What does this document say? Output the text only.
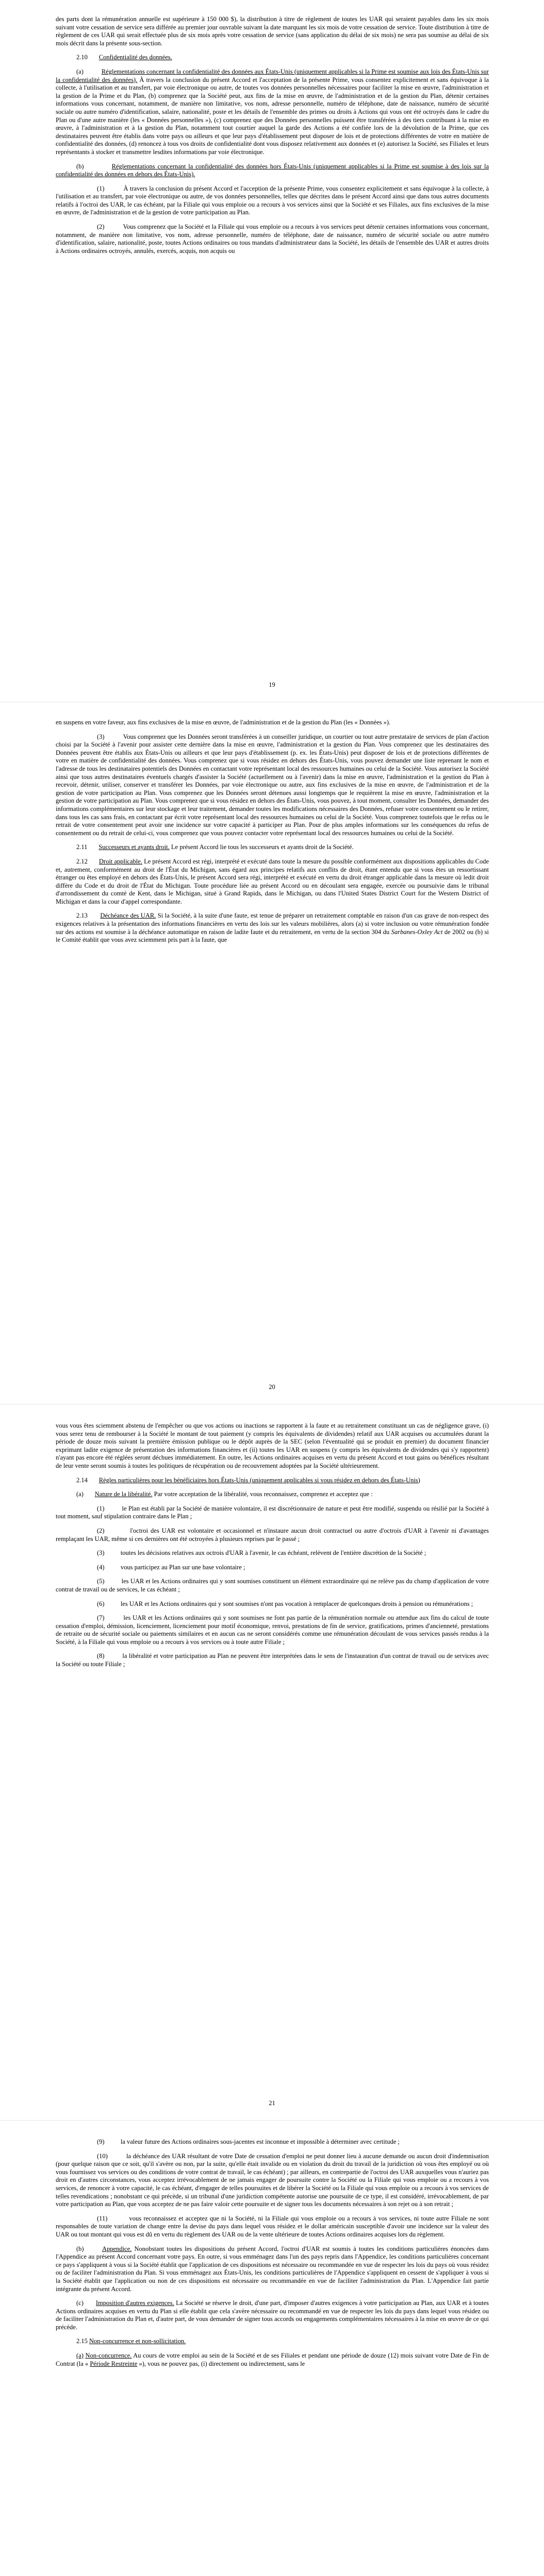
des parts dont la rémunération annuelle est supérieure à 150 000 $), la distribution à titre de règlement de toutes les UAR qui seraient payables dans les six mois suivant votre cessation de service sera différée au premier jour ouvrable suivant la date marquant les six mois de votre cessation de service. Toute distribution à titre de règlement de ces UAR qui serait effectuée plus de six mois après votre cessation de service (sans application du délai de six mois) ne sera pas soumise au délai de six mois décrit dans la présente sous-section.

2.10 Confidentialité des données.

(a)	Réglementations concernant la confidentialité des données aux États-Unis (uniquement applicables si la Prime est soumise aux lois des États-Unis sur la confidentialité des données). À travers la conclusion du présent Accord et l'acceptation de la présente Prime, vous consentez explicitement et sans équivoque à la collecte, à l'utilisation et au transfert, par voie électronique ou autre, de toutes vos données personnelles nécessaires pour faciliter la mise en œuvre, l'administration et la gestion de la Prime et du Plan, (b) comprenez que la Société peut, aux fins de la mise en œuvre, de l'administration et de la gestion du Plan, détenir certaines informations vous concernant, notamment, de manière non limitative, vos nom, adresse personnelle, numéro de téléphone, date de naissance, numéro de sécurité sociale ou autre numéro d'identification, salaire, nationalité, poste et les détails de l'ensemble des primes ou droits à Actions qui vous ont été octroyés dans le cadre du Plan ou d'une autre manière (les « Données personnelles »), (c) comprenez que des Données personnelles puissent être transférées à des tiers contribuant à la mise en œuvre, à l'administration et à la gestion du Plan, notamment tout courtier auquel la garde des Actions a été confiée lors de la dévolution de la Prime, que ces destinataires peuvent être établis dans votre pays ou ailleurs et que leur pays d'établissement peut disposer de lois et de protections différentes de votre en matière de confidentialité des données, (d) renoncez à tous vos droits de confidentialité dont vous disposez relativement aux données et (e) autorisez la Société, ses Filiales et leurs représentants à stocker et transmettre lesdites informations par voie électronique.

(b)	Réglementations concernant la confidentialité des données hors États-Unis (uniquement applicables si la Prime est soumise à des lois sur la confidentialité des données en dehors des États-Unis).

(1)	À travers la conclusion du présent Accord et l'acception de la présente Prime, vous consentez explicitement et sans équivoque à la collecte, à l'utilisation et au transfert, par voie électronique ou autre, de vos données personnelles, telles que décrites dans le présent Accord ainsi que dans tous autres documents relatifs à l'octroi des UAR, le cas échéant, par la Filiale qui vous emploie ou a recours à vos services ainsi que la Société et ses Filiales, aux fins exclusives de la mise en œuvre, de l'administration et de la gestion de votre participation au Plan.

(2)	Vous comprenez que la Société et la Filiale qui vous emploie ou a recours à vos services peut détenir certaines informations vous concernant, notamment, de manière non limitative, vos nom, adresse personnelle, numéro de téléphone, date de naissance, numéro de sécurité sociale ou autre numéro d'identification, salaire, nationalité, poste, toutes Actions ordinaires ou tous mandats d'administrateur dans la Société, les détails de l'ensemble des UAR et autres droits à Actions ordinaires octroyés, annulés, exercés, acquis, non acquis ou

19

en suspens en votre faveur, aux fins exclusives de la mise en œuvre, de l'administration et de la gestion du Plan (les « Données »).

(3)	Vous comprenez que les Données seront transférées à un conseiller juridique, un courtier ou tout autre prestataire de services de plan d'action choisi par la Société à l'avenir pour assister cette dernière dans la mise en œuvre, l'administration et la gestion du Plan. Vous comprenez que les destinataires des Données peuvent être établis aux États-Unis ou ailleurs et que leur pays d'établissement (p. ex. les États-Unis) peut disposer de lois et de protections différentes de votre en matière de confidentialité des données. Vous comprenez que si vous résidez en dehors des États-Unis, vous pouvez demander une liste reprenant le nom et l'adresse de tous les destinataires potentiels des Données en contactant votre représentant local des ressources humaines ou celui de la Société. Vous autorisez la Société ainsi que tous autres destinataires éventuels chargés d'assister la Société (actuellement ou à l'avenir) dans la mise en œuvre, l'administration et la gestion du Plan à recevoir, détenir, utiliser, conserver et transférer les Données, par voie électronique ou autre, aux fins exclusives de la mise en œuvre, de l'administration et de la gestion de votre participation au Plan. Vous comprenez que les Données seront détenues aussi longtemps que le requièrent la mise en œuvre, l'administration et la gestion de votre participation au Plan. Vous comprenez que si vous résidez en dehors des États-Unis, vous pouvez, à tout moment, consulter les Données, demander des informations complémentaires sur leur stockage et leur traitement, demander toutes les modifications nécessaires des Données, refuser votre consentement ou le retirer, dans tous les cas sans frais, en contactant par écrit votre représentant local des ressources humaines ou celui de la Société. Vous comprenez toutefois que le refus ou le retrait de votre consentement peut avoir une incidence sur votre capacité à participer au Plan. Pour de plus amples informations sur les conséquences du refus de consentement ou du retrait de celui-ci, vous comprenez que vous pouvez contacter votre représentant local des ressources humaines ou celui de la Société.

2.11 Successeurs et ayants droit. Le présent Accord lie tous les successeurs et ayants droit de la Société.

2.12 Droit applicable. Le présent Accord est régi, interprété et exécuté dans toute la mesure du possible conformément aux dispositions applicables du Code et, autrement, conformément au droit de l'État du Michigan, sans égard aux principes relatifs aux conflits de droit, étant entendu que si vous êtes un ressortissant étranger ou êtes employé en dehors des États-Unis, le présent Accord sera régi, interprété et exécuté en vertu du droit étranger applicable dans la mesure où ledit droit diffère du Code et du droit de l'État du Michigan. Toute procédure liée au présent Accord ou en découlant sera engagée, exercée ou poursuivie dans le tribunal d'arrondissement du comté de Kent, dans le Michigan, situé à Grand Rapids, dans le Michigan, ou dans l'United States District Court for the Western District of Michigan et dans la cour d'appel correspondante.

2.13 Déchéance des UAR. Si la Société, à la suite d'une faute, est tenue de préparer un retraitement comptable en raison d'un cas grave de non-respect des exigences relatives à la présentation des informations financières en vertu des lois sur les valeurs mobilières, alors (a) si votre inclusion ou votre rémunération fondée sur des actions est soumise à la déchéance automatique en raison de ladite faute et du retraitement, en vertu de la section 304 du Sarbanes-Oxley Act de 2002 ou (b) si le Comité établit que vous avez sciemment pris part à la faute, que

20

vous vous êtes sciemment abstenu de l'empêcher ou que vos actions ou inactions se rapportent à la faute et au retraitement constituant un cas de négligence grave, (i) vous serez tenu de rembourser à la Société le montant de tout paiement (y compris les équivalents de dividendes) relatif aux UAR acquises ou accumulées durant la période de douze mois suivant la première émission publique ou le dépôt auprès de la SEC (selon l'éventualité qui se produit en premier) du document financier exprimant ladite exigence de présentation des informations financières et (ii) toutes les UAR en suspens (y compris les équivalents de dividendes qui s'y rapportent) n'ayant pas encore été réglées seront déchues immédiatement. En outre, les Actions ordinaires acquises en vertu du présent Accord et tout gains ou bénéfices résultant de leur vente seront soumis à toutes les politiques de récupération ou de recouvrement adoptées par la Société ultérieurement.

2.14 Règles particulières pour les bénéficiaires hors États-Unis (uniquement applicables si vous résidez en dehors des États-Unis)

(a) Nature de la libéralité. Par votre acceptation de la libéralité, vous reconnaissez, comprenez et acceptez que :

(1)	le Plan est établi par la Société de manière volontaire, il est discrétionnaire de nature et peut être modifié, suspendu ou résilié par la Société à tout moment, sauf stipulation contraire dans le Plan ;

(2)	l'octroi des UAR est volontaire et occasionnel et n'instaure aucun droit contractuel ou autre d'octrois d'UAR à l'avenir ni d'avantages remplaçant les UAR, même si ces dernières ont été octroyées à plusieurs reprises par le passé ;

(3)	toutes les décisions relatives aux octrois d'UAR à l'avenir, le cas échéant, relèvent de l'entière discrétion de la Société ;

(4)	vous participez au Plan sur une base volontaire ;

(5)	les UAR et les Actions ordinaires qui y sont soumises constituent un élément extraordinaire qui ne relève pas du champ d'application de votre contrat de travail ou de services, le cas échéant ;

(6)	les UAR et les Actions ordinaires qui y sont soumises n'ont pas vocation à remplacer de quelconques droits à pension ou rémunérations ;

(7)	les UAR et les Actions ordinaires qui y sont soumises ne font pas partie de la rémunération normale ou attendue aux fins du calcul de toute cessation d'emploi, démission, licenciement, licenciement pour motif économique, renvoi, prestations de fin de service, gratifications, primes d'ancienneté, prestations de retraite ou de sécurité sociale ou paiements similaires et en aucun cas ne seront considérés comme une rémunération découlant de vous services passés rendus à la Société, à la Filiale qui vous emploie ou a recours à vos services ou à toute autre Filiale ;

(8)	la libéralité et votre participation au Plan ne peuvent être interprétées dans le sens de l'instauration d'un contrat de travail ou de services avec la Société ou toute Filiale ;

21

(9)	la valeur future des Actions ordinaires sous-jacentes est inconnue et impossible à déterminer avec certitude ;

(10)	la déchéance des UAR résultant de votre Date de cessation d'emploi ne peut donner lieu à aucune demande ou aucun droit d'indemnisation (pour quelque raison que ce soit, qu'il s'avère ou non, par la suite, qu'elle était invalide ou en violation du droit du travail de la juridiction où vous êtes employé ou où vous fournissez vos services ou des conditions de votre contrat de travail, le cas échéant) ; par ailleurs, en contrepartie de l'octroi des UAR auxquelles vous n'auriez pas droit en d'autres circonstances, vous acceptez irrévocablement de ne jamais engager de poursuite contre la Société ou la Filiale qui vous emploie ou a recours à vos services, de renoncer à votre capacité, le cas échéant, d'engager de telles poursuites et de libérer la Société ou la Filiale qui vous emploie ou a recours à vos services de telles revendications ; nonobstant ce qui précède, si un tribunal d'une juridiction compétente autorise une poursuite de ce type, il est considéré, irrévocablement, de par votre participation au Plan, que vous acceptez de ne pas faire valoir cette poursuite et de signer tous les documents nécessaires à son rejet ou à son retrait ;

(11)	vous reconnaissez et acceptez que ni la Société, ni la Filiale qui vous emploie ou a recours à vos services, ni toute autre Filiale ne sont responsables de toute variation de change entre la devise du pays dans lequel vous résidez et le dollar américain susceptible d'avoir une incidence sur la valeur des UAR ou tout montant qui vous est dû en vertu du règlement des UAR ou de la vente ultérieure de toutes Actions ordinaires acquises lors du règlement.

(b)	Appendice. Nonobstant toutes les dispositions du présent Accord, l'octroi d'UAR est soumis à toutes les conditions particulières énoncées dans l'Appendice au présent Accord concernant votre pays. En outre, si vous emménagez dans l'un des pays repris dans l'Appendice, les conditions particulières concernant ce pays s'appliquent à vous si la Société établit que l'application de ces dispositions est nécessaire ou recommandée en vue de respecter les lois du pays où vous résidez ou de faciliter l'administration du Plan. Si vous emménagez aux États-Unis, les conditions particulières de l'Appendice s'appliquent en cessent de s'appliquer à vous si la Société établit que l'application ou non de ces dispositions est nécessaire ou recommandée en vue de faciliter l'administration du Plan. L'Appendice fait partie intégrante du présent Accord.

(c) Imposition d'autres exigences. La Société se réserve le droit, d'une part, d'imposer d'autres exigences à votre participation au Plan, aux UAR et à toutes Actions ordinaires acquises en vertu du Plan si elle établit que cela s'avère nécessaire ou recommandé en vue de respecter les lois du pays dans lequel vous résidez ou de faciliter l'administration du Plan et, d'autre part, de vous demander de signer tous accords ou engagements complémentaires nécessaires à la mise en œuvre de ce qui précède.

2.15 Non-concurrence et non-sollicitation.

(a) Non-concurrence. Au cours de votre emploi au sein de la Société et de ses Filiales et pendant une période de douze (12) mois suivant votre Date de Fin de Contrat (la « Période Restreinte »), vous ne pouvez pas, (i) directement ou indirectement, sans le
